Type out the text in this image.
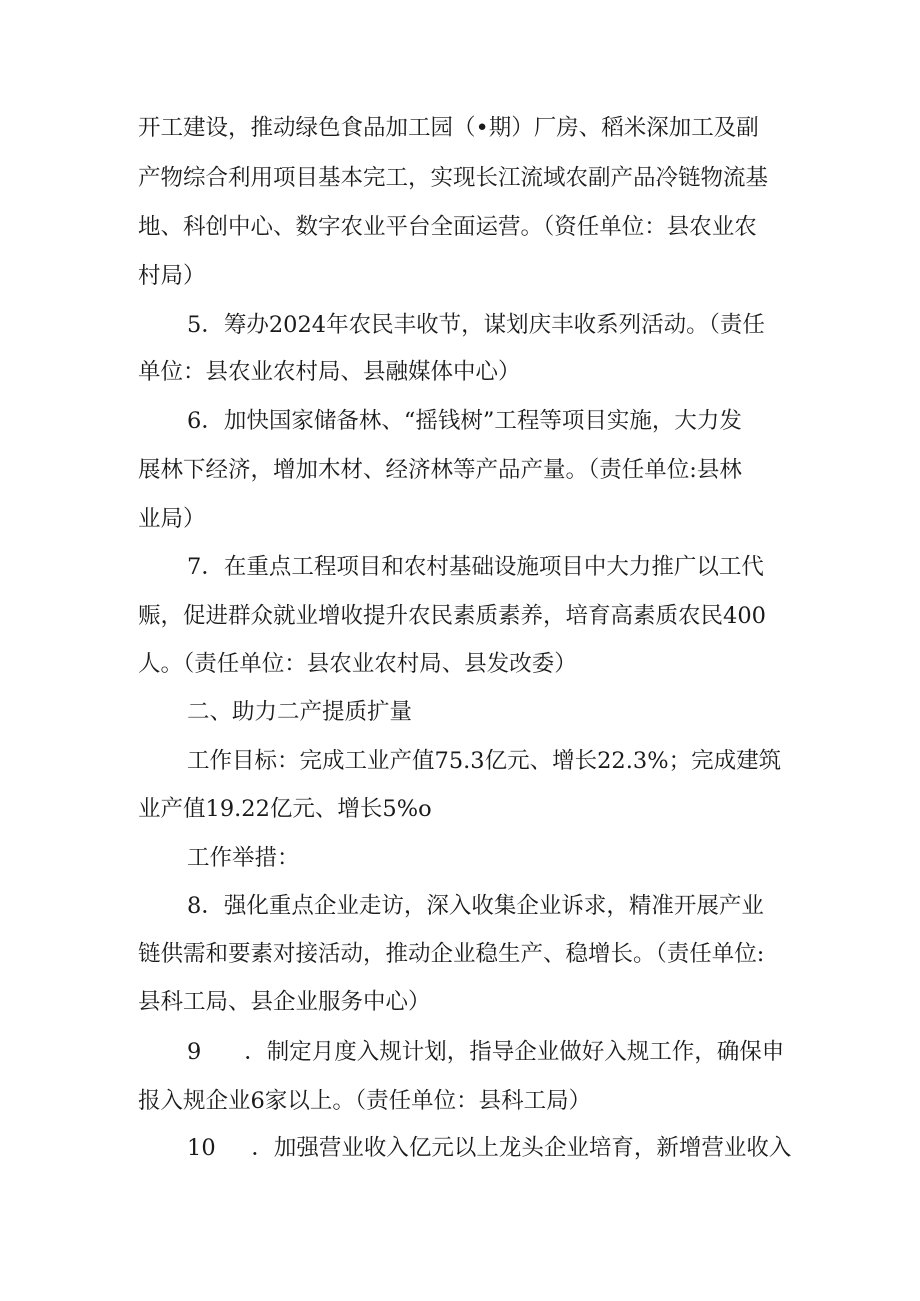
开工建设，推动绿色食品加工园（•期）厂房、稻米深加工及副
产物综合利用项目基本完工，实现长江流域农副产品冷链物流基
地、科创中心、数字农业平台全面运营。（资任单位：县农业农
村局）
5．筹办2024年农民丰收节，谋划庆丰收系列活动。（责任
单位：县农业农村局、县融媒体中心）
6．加快国家储备林、“摇钱树”工程等项目实施，大力发
展林下经济，增加木材、经济林等产品产量。（责任单位:县林
业局）
7．在重点工程项目和农村基础设施项目中大力推广以工代
赈，促进群众就业增收提升农民素质素养，培育高素质农民400
人。（责任单位：县农业农村局、县发改委）
二、助力二产提质扩量
工作目标：完成工业产值75.3亿元、增长22.3%；完成建筑
业产值19.22亿元、增长5%o
工作举措：
8．强化重点企业走访，深入收集企业诉求，精准开展产业
链供需和要素对接活动，推动企业稳生产、稳增长。（责任单位:
县科工局、县企业服务中心）
9      ．制定月度入规计划，指导企业做好入规工作，确保申
报入规企业6家以上。（责任单位：县科工局）
10     ．加强营业收入亿元以上龙头企业培育，新增营业收入
